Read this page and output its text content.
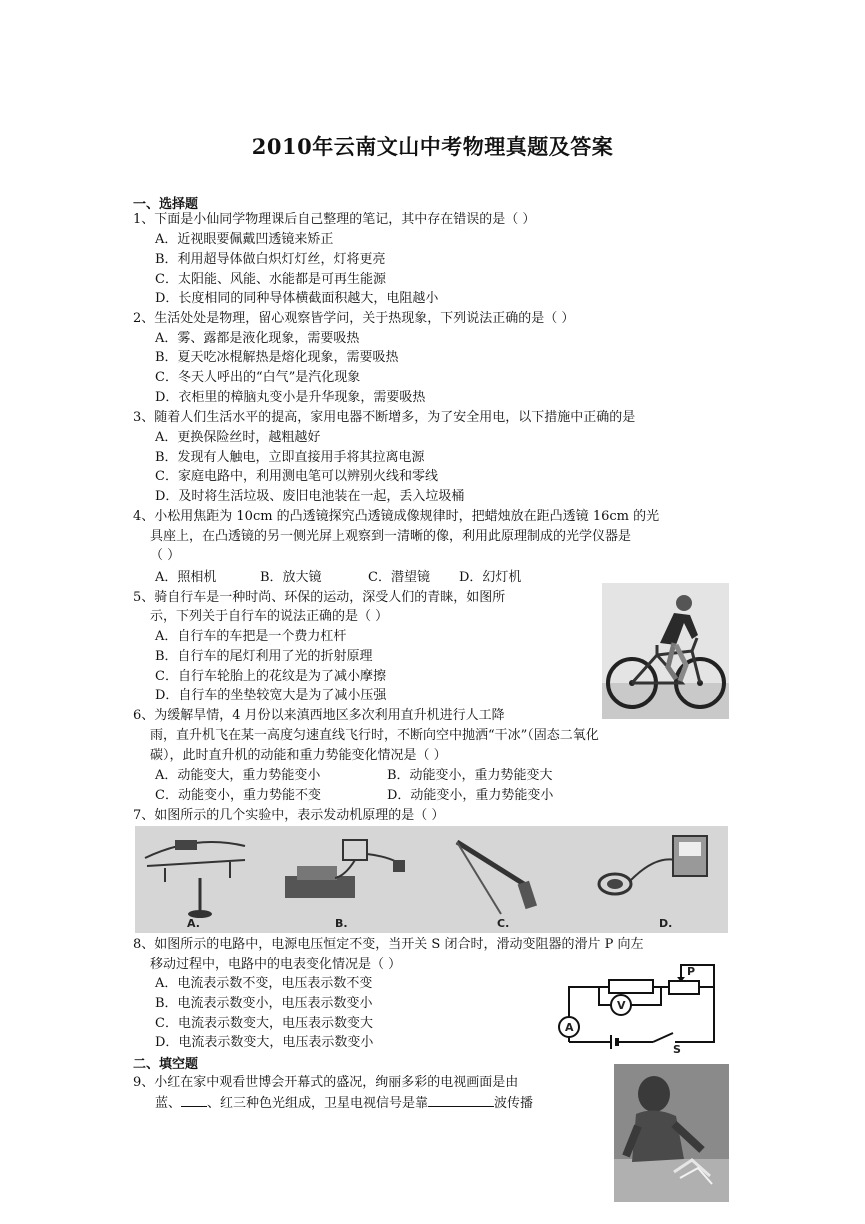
2010年云南文山中考物理真题及答案
一、选择题
1、下面是小仙同学物理课后自己整理的笔记，其中存在错误的是（ ）
A．近视眼要佩戴凹透镜来矫正
B．利用超导体做白炽灯灯丝，灯将更亮
C．太阳能、风能、水能都是可再生能源
D．长度相同的同种导体横截面积越大，电阻越小
2、生活处处是物理，留心观察皆学问，关于热现象，下列说法正确的是（ ）
A．雾、露都是液化现象，需要吸热
B．夏天吃冰棍解热是熔化现象，需要吸热
C．冬天人呼出的“白气”是汽化现象
D．衣柜里的樟脑丸变小是升华现象，需要吸热
3、随着人们生活水平的提高，家用电器不断增多，为了安全用电，以下措施中正确的是
A．更换保险丝时，越粗越好
B．发现有人触电，立即直接用手将其拉离电源
C．家庭电路中，利用测电笔可以辨别火线和零线
D．及时将生活垃圾、废旧电池装在一起，丢入垃圾桶
4、小松用焦距为 10cm 的凸透镜探究凸透镜成像规律时，把蜡烛放在距凸透镜 16cm 的光
具座上，在凸透镜的另一侧光屏上观察到一清晰的像，利用此原理制成的光学仪器是
（ ）
A．照相机	B．放大镜	C．潜望镜 D．幻灯机
5、骑自行车是一种时尚、环保的运动，深受人们的青睐，如图所
示，下列关于自行车的说法正确的是（ ）
A．自行车的车把是一个费力杠杆
B．自行车的尾灯利用了光的折射原理
C．自行车轮胎上的花纹是为了减小摩擦
D．自行车的坐垫较宽大是为了减小压强
6、为缓解旱情，4 月份以来滇西地区多次利用直升机进行人工降
雨，直升机飞在某一高度匀速直线飞行时，不断向空中抛洒“干冰”（固态二氧化
碳），此时直升机的动能和重力势能变化情况是（ ）
A．动能变大，重力势能变小	B．动能变小，重力势能变大
C．动能变小，重力势能不变	D．动能变小，重力势能变小
7、如图所示的几个实验中，表示发动机原理的是（ ）
A.	B.	C.	D.
8、如图所示的电路中，电源电压恒定不变，当开关 S 闭合时，滑动变阻器的滑片 P 向左
移动过程中，电路中的电表变化情况是（ ）
A．电流表示数不变，电压表示数不变
B．电流表示数变小，电压表示数变小
C．电流表示数变大，电压表示数变大
D．电流表示数变大，电压表示数变小
P
V
A
S
二、填空题
9、小红在家中观看世博会开幕式的盛况，绚丽多彩的电视画面是由
蓝、 、红三种色光组成，卫星电视信号是靠	波传播
